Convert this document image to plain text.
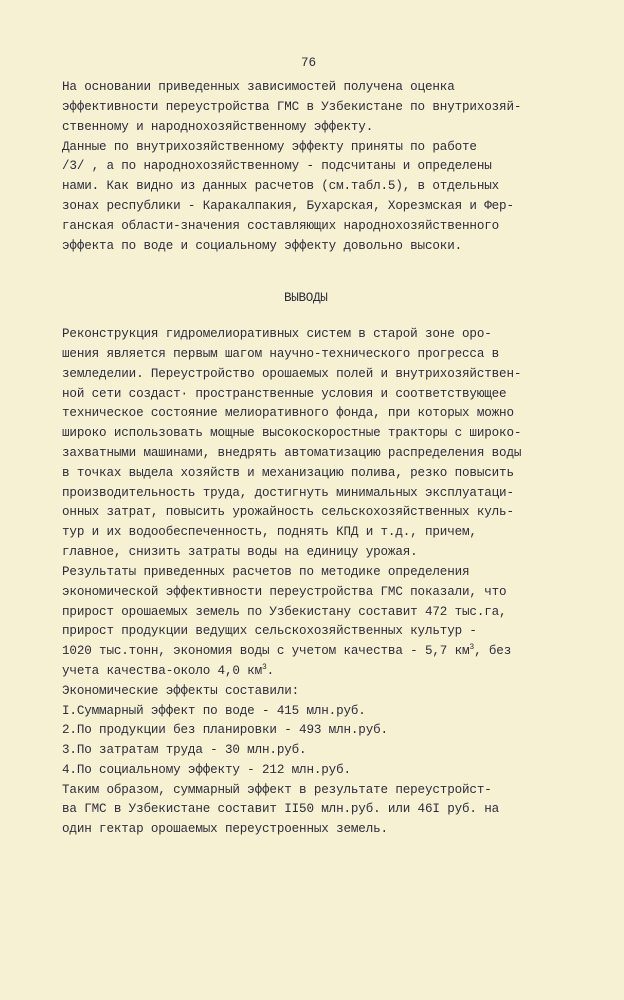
76
На основании приведенных зависимостей получена оценка
эффективности переустройства ГМС в Узбекистане по внутрихозяй-
ственному и народнохозяйственному эффекту.
Данные по внутрихозяйственному эффекту приняты по работе
/3/ , а по народнохозяйственному - подсчитаны и определены
нами. Как видно из данных расчетов (см.табл.5), в отдельных
зонах республики - Каракалпакия, Бухарская, Хорезмская и Фер-
ганская области-значения составляющих народнохозяйственного
эффекта по воде и социальному эффекту довольно высоки.
ВЫВОДЫ
Реконструкция гидромелиоративных систем в старой зоне оро-
шения является первым шагом научно-технического прогресса в
земледелии. Переустройство орошаемых полей и внутрихозяйствен-
ной сети создаст· пространственные условия и соответствующее
техническое состояние мелиоративного фонда, при которых можно
широко использовать мощные высокоскоростные тракторы с широко-
захватными машинами, внедрять автоматизацию распределения воды
в точках выдела хозяйств и механизацию полива, резко повысить
производительность труда, достигнуть минимальных эксплуатаци-
онных затрат, повысить урожайность сельскохозяйственных куль-
тур и их водообеспеченность, поднять КПД и т.д., причем,
главное, снизить затраты воды на единицу урожая.
Результаты приведенных расчетов по методике определения
экономической эффективности переустройства ГМС показали, что
прирост орошаемых земель по Узбекистану составит 472 тыс.га,
прирост продукции ведущих сельскохозяйственных культур -
1020 тыс.тонн, экономия воды с учетом качества - 5,7 $км^3$, без
учета качества-около 4,0 $км^3$.
Экономические эффекты составили:
I.Суммарный эффект по воде - 415 млн.руб.
2.По продукции без планировки - 493 млн.руб.
3.По затратам труда - 30 млн.руб.
4.По социальному эффекту - 212 млн.руб.
Таким образом, суммарный эффект в результате переустройст-
ва ГМС в Узбекистане составит II50 млн.руб. или 46I руб. на
один гектар орошаемых переустроенных земель.
